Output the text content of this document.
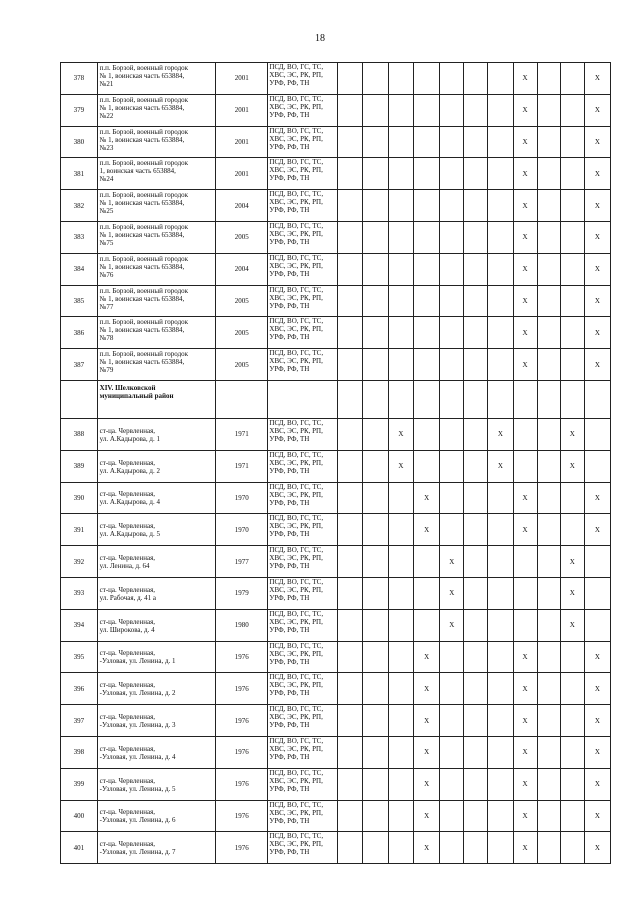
18
378	п.п. Борзой, военный городок
№ 1, воинская часть 653884,
№21	2001	ПСД, ВО, ГС, ТС,
ХВС, ЭС, РК, РП,
УРФ, РФ, ТН								X			X
379	п.п. Борзой, военный городок
№ 1, воинская часть 653884,
№22	2001	ПСД, ВО, ГС, ТС,
ХВС, ЭС, РК, РП,
УРФ, РФ, ТН								X			X
380	п.п. Борзой, военный городок
№ 1, воинская часть 653884,
№23	2001	ПСД, ВО, ГС, ТС,
ХВС, ЭС, РК, РП,
УРФ, РФ, ТН								X			X
381	п.п. Борзой, военный городок
1, воинская часть 653884,
№24	2001	ПСД, ВО, ГС, ТС,
ХВС, ЭС, РК, РП,
УРФ, РФ, ТН								X			X
382	п.п. Борзой, военный городок
№ 1, воинская часть 653884,
№25	2004	ПСД, ВО, ГС, ТС,
ХВС, ЭС, РК, РП,
УРФ, РФ, ТН								X			X
383	п.п. Борзой, военный городок
№ 1, воинская часть 653884,
№75	2005	ПСД, ВО, ГС, ТС,
ХВС, ЭС, РК, РП,
УРФ, РФ, ТН								X			X
384	п.п. Борзой, военный городок
№ 1, воинская часть 653884,
№76	2004	ПСД, ВО, ГС, ТС,
ХВС, ЭС, РК, РП,
УРФ, РФ, ТН								X			X
385	п.п. Борзой, военный городок
№ 1, воинская часть 653884,
№77	2005	ПСД, ВО, ГС, ТС,
ХВС, ЭС, РК, РП,
УРФ, РФ, ТН								X			X
386	п.п. Борзой, военный городок
№ 1, воинская часть 653884,
№78	2005	ПСД, ВО, ГС, ТС,
ХВС, ЭС, РК, РП,
УРФ, РФ, ТН								X			X
387	п.п. Борзой, военный городок
№ 1, воинская часть 653884,
№79	2005	ПСД, ВО, ГС, ТС,
ХВС, ЭС, РК, РП,
УРФ, РФ, ТН								X			X
	XIV. Шелковской
муниципальный район													
388	ст-ца. Червленная,
ул. А.Кадырова, д. 1	1971	ПСД, ВО, ГС, ТС,
ХВС, ЭС, РК, РП,
УРФ, РФ, ТН			X				X			X	
389	ст-ца. Червленная,
ул. А.Кадырова, д. 2	1971	ПСД, ВО, ГС, ТС,
ХВС, ЭС, РК, РП,
УРФ, РФ, ТН			X				X			X	
390	ст-ца. Червленная,
ул. А.Кадырова, д. 4	1970	ПСД, ВО, ГС, ТС,
ХВС, ЭС, РК, РП,
УРФ, РФ, ТН				X				X			X
391	ст-ца. Червленная,
ул. А.Кадырова, д. 5	1970	ПСД, ВО, ГС, ТС,
ХВС, ЭС, РК, РП,
УРФ, РФ, ТН				X				X			X
392	ст-ца. Червленная,
ул. Ленина, д. 64	1977	ПСД, ВО, ГС, ТС,
ХВС, ЭС, РК, РП,
УРФ, РФ, ТН					X					X	
393	ст-ца. Червленная,
ул. Рабочая, д. 41 а	1979	ПСД, ВО, ГС, ТС,
ХВС, ЭС, РК, РП,
УРФ, РФ, ТН					X					X	
394	ст-ца. Червленная,
ул. Широкова, д. 4	1980	ПСД, ВО, ГС, ТС,
ХВС, ЭС, РК, РП,
УРФ, РФ, ТН					X					X	
395	ст-ца. Червленная,
-Узловая, ул. Ленина, д. 1	1976	ПСД, ВО, ГС, ТС,
ХВС, ЭС, РК, РП,
УРФ, РФ, ТН				X				X			X
396	ст-ца. Червленная,
-Узловая, ул. Ленина, д. 2	1976	ПСД, ВО, ГС, ТС,
ХВС, ЭС, РК, РП,
УРФ, РФ, ТН				X				X			X
397	ст-ца. Червленная,
-Узловая, ул. Ленина, д. 3	1976	ПСД, ВО, ГС, ТС,
ХВС, ЭС, РК, РП,
УРФ, РФ, ТН				X				X			X
398	ст-ца. Червленная,
-Узловая, ул. Ленина, д. 4	1976	ПСД, ВО, ГС, ТС,
ХВС, ЭС, РК, РП,
УРФ, РФ, ТН				X				X			X
399	ст-ца. Червленная,
-Узловая, ул. Ленина, д. 5	1976	ПСД, ВО, ГС, ТС,
ХВС, ЭС, РК, РП,
УРФ, РФ, ТН				X				X			X
400	ст-ца. Червленная,
-Узловая, ул. Ленина, д. 6	1976	ПСД, ВО, ГС, ТС,
ХВС, ЭС, РК, РП,
УРФ, РФ, ТН				X				X			X
401	ст-ца. Червленная,
-Узловая, ул. Ленина, д. 7	1976	ПСД, ВО, ГС, ТС,
ХВС, ЭС, РК, РП,
УРФ, РФ, ТН				X				X			X
